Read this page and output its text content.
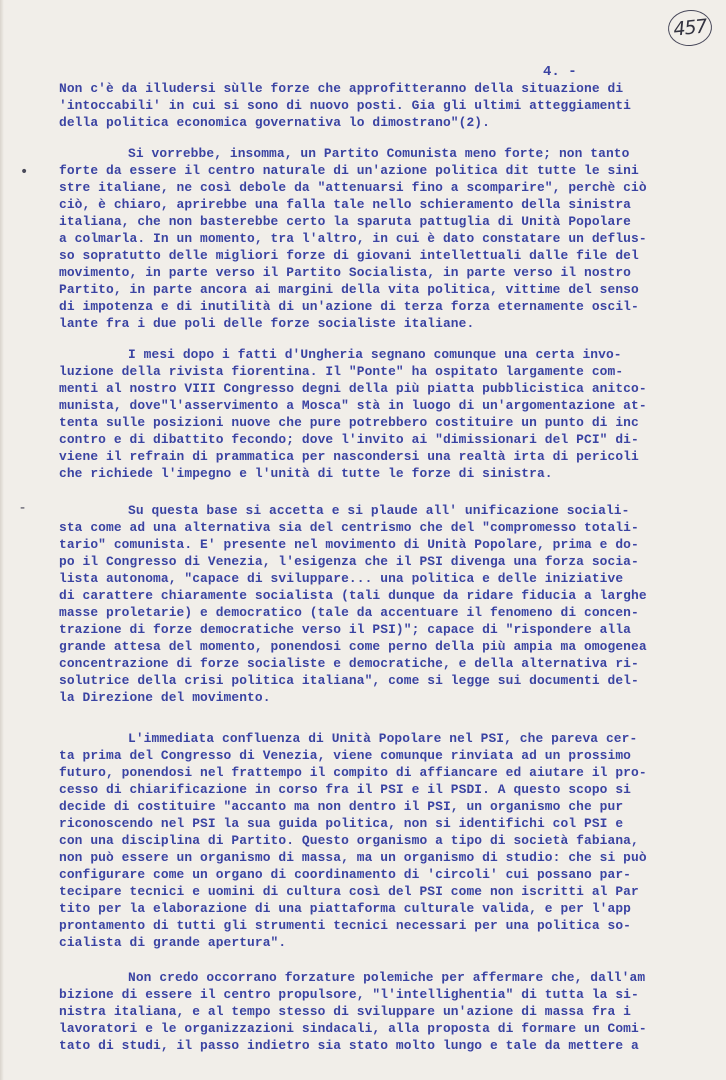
457
4. -
•
-
Non c'è da illudersi sùlle forze che approfitteranno della situazione di
'intoccabili' in cui si sono di nuovo posti. Gia gli ultimi atteggiamenti
della politica economica governativa lo dimostrano"(2).
Si vorrebbe, insomma, un Partito Comunista meno forte; non tanto
forte da essere il centro naturale di un'azione politica dit tutte le sini
stre italiane, ne così debole da "attenuarsi fino a scomparire", perchè ciò
ciò, è chiaro, aprirebbe una falla tale nello schieramento della sinistra
italiana, che non basterebbe certo la sparuta pattuglia di Unità Popolare
a colmarla. In un momento, tra l'altro, in cui è dato constatare un deflus-
so sopratutto delle migliori forze di giovani intellettuali dalle file del
movimento, in parte verso il Partito Socialista, in parte verso il nostro
Partito, in parte ancora ai margini della vita politica, vittime del senso
di impotenza e di inutilità di un'azione di terza forza eternamente oscil-
lante fra i due poli delle forze socialiste italiane.
I mesi dopo i fatti d'Ungheria segnano comunque una certa invo-
luzione della rivista fiorentina. Il "Ponte" ha ospitato largamente com-
menti al nostro VIII Congresso degni della più piatta pubblicistica anitco-
munista, dove"l'asservimento a Mosca" stà in luogo di un'argomentazione at-
tenta sulle posizioni nuove che pure potrebbero costituire un punto di inc
contro e di dibattito fecondo; dove l'invito ai "dimissionari del PCI" di-
viene il refrain di prammatica per nascondersi una realtà irta di pericoli
che richiede l'impegno e l'unità di tutte le forze di sinistra.
Su questa base si accetta e si plaude all' unificazione sociali-
sta come ad una alternativa sia del centrismo che del "compromesso totali-
tario" comunista. E' presente nel movimento di Unità Popolare, prima e do-
po il Congresso di Venezia, l'esigenza che il PSI divenga una forza socia-
lista autonoma, "capace di sviluppare... una politica e delle iniziative
di carattere chiaramente socialista (tali dunque da ridare fiducia a larghe
masse proletarie) e democratico (tale da accentuare il fenomeno di concen-
trazione di forze democratiche verso il PSI)"; capace di "rispondere alla
grande attesa del momento, ponendosi come perno della più ampia ma omogenea
concentrazione di forze socialiste e democratiche, e della alternativa ri-
solutrice della crisi politica italiana", come si legge sui documenti del-
la Direzione del movimento.
L'immediata confluenza di Unità Popolare nel PSI, che pareva cer-
ta prima del Congresso di Venezia, viene comunque rinviata ad un prossimo
futuro, ponendosi nel frattempo il compito di affiancare ed aiutare il pro-
cesso di chiarificazione in corso fra il PSI e il PSDI. A questo scopo si
decide di costituire "accanto ma non dentro il PSI, un organismo che pur
riconoscendo nel PSI la sua guida politica, non si identifichi col PSI e
con una disciplina di Partito. Questo organismo a tipo di società fabiana,
non può essere un organismo di massa, ma un organismo di studio: che si può
configurare come un organo di coordinamento di 'circoli' cui possano par-
tecipare tecnici e uomini di cultura così del PSI come non iscritti al Par
tito per la elaborazione di una piattaforma culturale valida, e per l'app
prontamento di tutti gli strumenti tecnici necessari per una politica so-
cialista di grande apertura".
Non credo occorrano forzature polemiche per affermare che, dall'am
bizione di essere il centro propulsore, "l'intellighentia" di tutta la si-
nistra italiana, e al tempo stesso di sviluppare un'azione di massa fra i
lavoratori e le organizzazioni sindacali, alla proposta di formare un Comi-
tato di studi, il passo indietro sia stato molto lungo e tale da mettere a
